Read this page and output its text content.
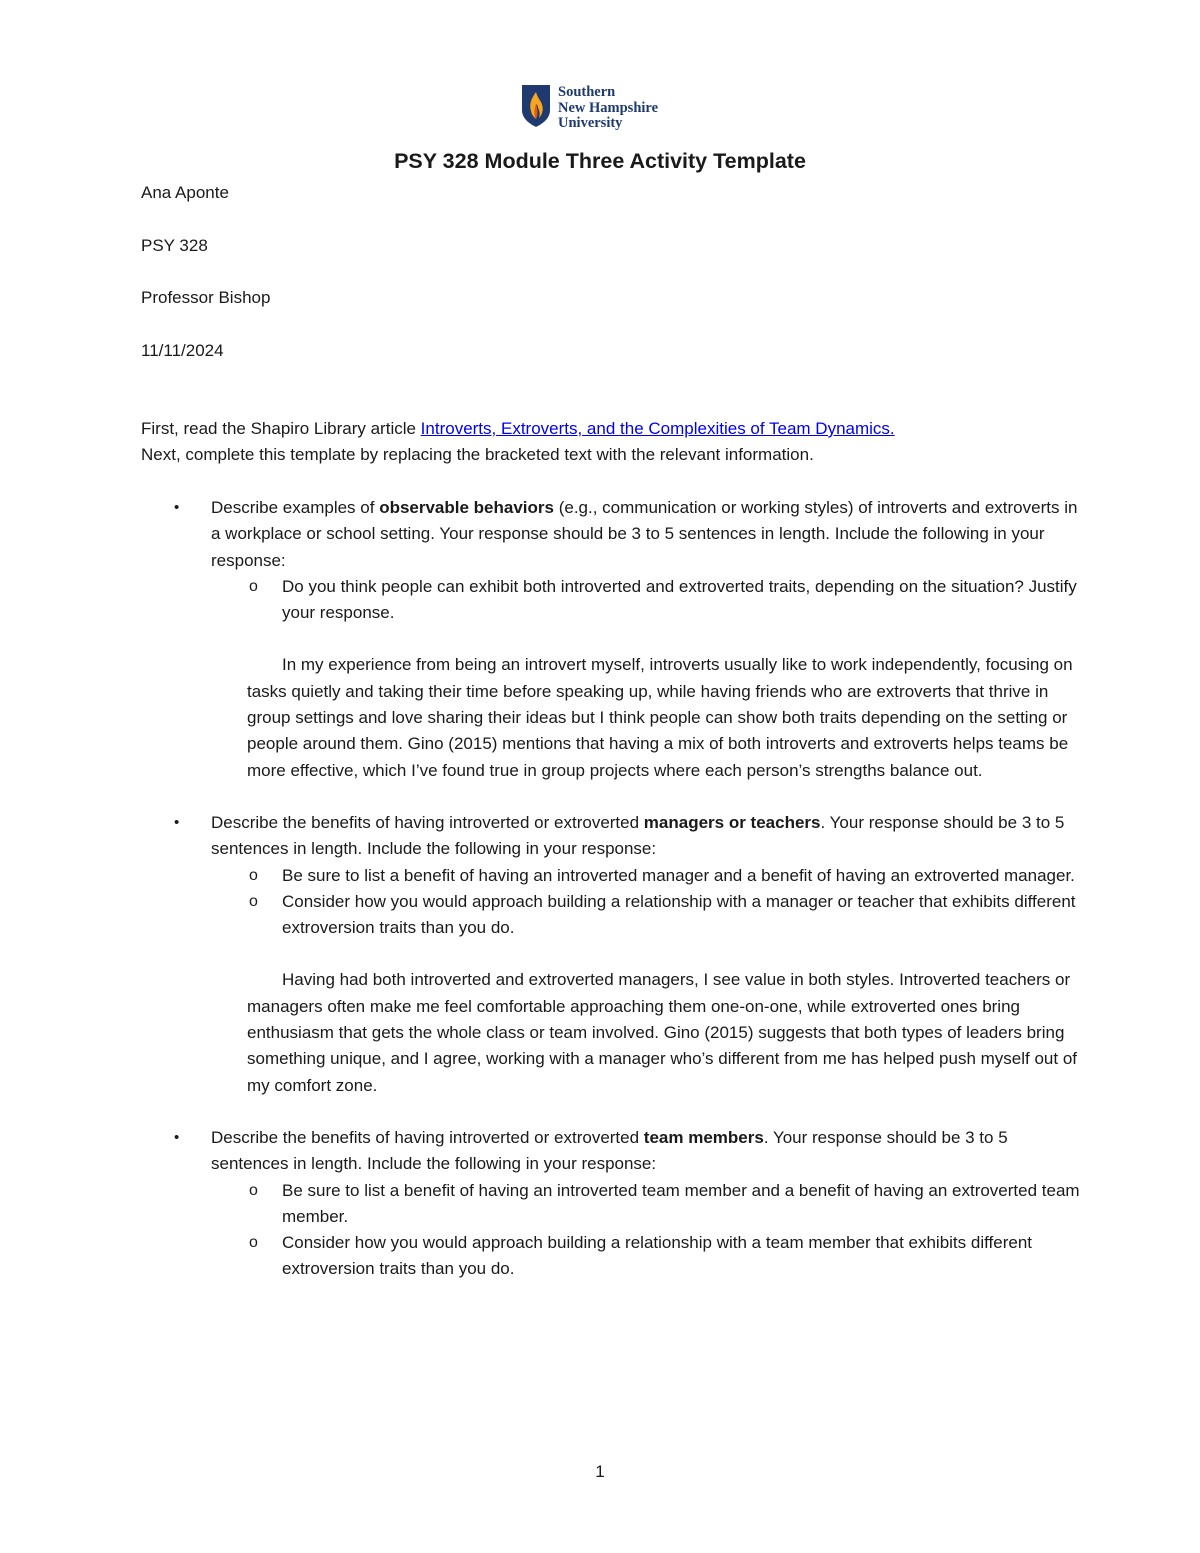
Southern
New Hampshire
University
PSY 328 Module Three Activity Template
Ana Aponte
PSY 328
Professor Bishop
11/11/2024
First, read the Shapiro Library article Introverts, Extroverts, and the Complexities of Team Dynamics.
Next, complete this template by replacing the bracketed text with the relevant information.
• Describe examples of observable behaviors (e.g., communication or working styles) of introverts and extroverts in a workplace or school setting. Your response should be 3 to 5 sentences in length. Include the following in your response:
o Do you think people can exhibit both introverted and extroverted traits, depending on the situation? Justify your response.
In my experience from being an introvert myself, introverts usually like to work independently, focusing on tasks quietly and taking their time before speaking up, while having friends who are extroverts that thrive in group settings and love sharing their ideas but I think people can show both traits depending on the setting or people around them. Gino (2015) mentions that having a mix of both introverts and extroverts helps teams be more effective, which I’ve found true in group projects where each person’s strengths balance out.
• Describe the benefits of having introverted or extroverted managers or teachers. Your response should be 3 to 5 sentences in length. Include the following in your response:
o Be sure to list a benefit of having an introverted manager and a benefit of having an extroverted manager.
o Consider how you would approach building a relationship with a manager or teacher that exhibits different extroversion traits than you do.
Having had both introverted and extroverted managers, I see value in both styles. Introverted teachers or managers often make me feel comfortable approaching them one-on-one, while extroverted ones bring enthusiasm that gets the whole class or team involved. Gino (2015) suggests that both types of leaders bring something unique, and I agree, working with a manager who’s different from me has helped push myself out of my comfort zone.
• Describe the benefits of having introverted or extroverted team members. Your response should be 3 to 5 sentences in length. Include the following in your response:
o Be sure to list a benefit of having an introverted team member and a benefit of having an extroverted team member.
o Consider how you would approach building a relationship with a team member that exhibits different extroversion traits than you do.
1
